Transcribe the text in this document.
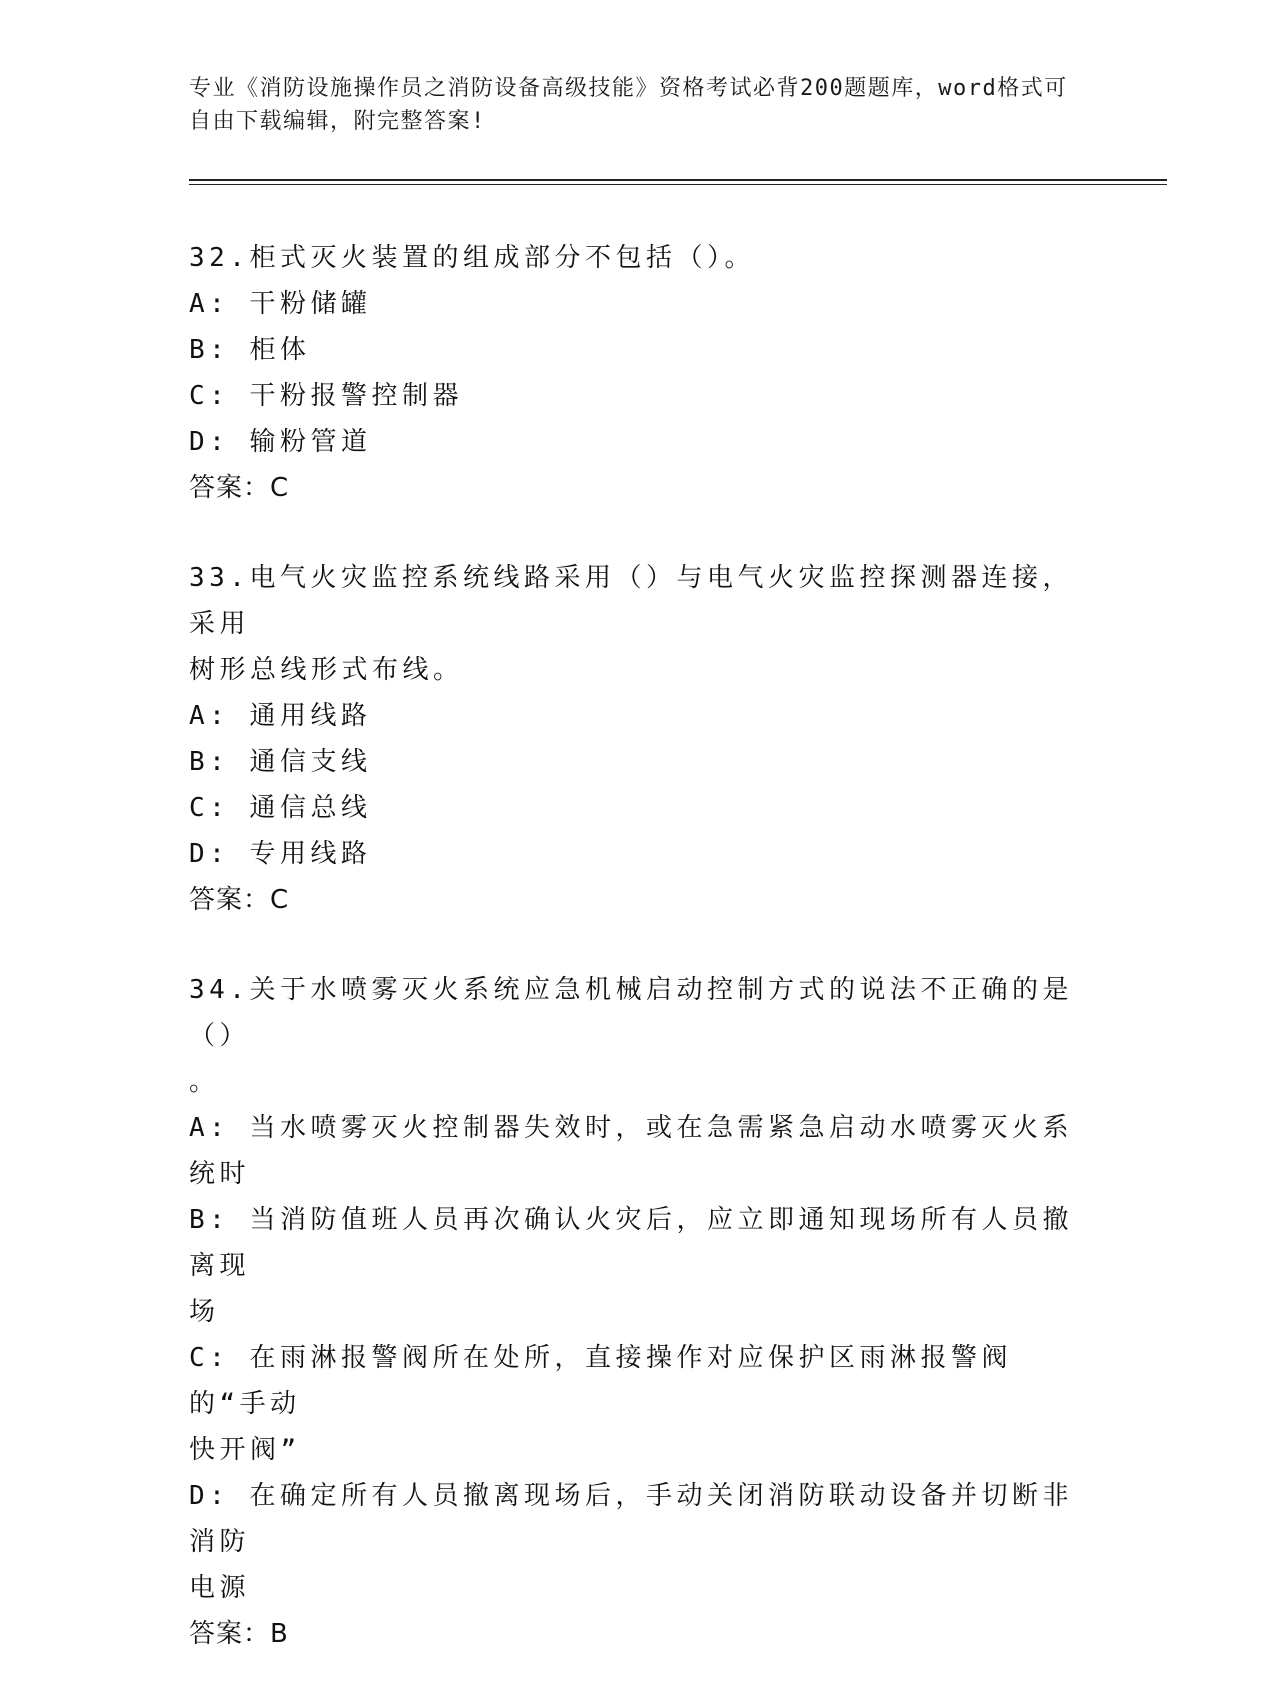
专业《消防设施操作员之消防设备高级技能》资格考试必背200题题库，word格式可自由下载编辑，附完整答案!
32.柜式灭火装置的组成部分不包括（）。
A: 干粉储罐
B: 柜体
C: 干粉报警控制器
D: 输粉管道
答案：C
33.电气火灾监控系统线路采用（）与电气火灾监控探测器连接，采用
树形总线形式布线。
A: 通用线路
B: 通信支线
C: 通信总线
D: 专用线路
答案：C
34.关于水喷雾灭火系统应急机械启动控制方式的说法不正确的是（）
。
A: 当水喷雾灭火控制器失效时，或在急需紧急启动水喷雾灭火系统时
B: 当消防值班人员再次确认火灾后，应立即通知现场所有人员撤离现
场
C: 在雨淋报警阀所在处所，直接操作对应保护区雨淋报警阀的“手动
快开阀”
D: 在确定所有人员撤离现场后，手动关闭消防联动设备并切断非消防
电源
答案：B
